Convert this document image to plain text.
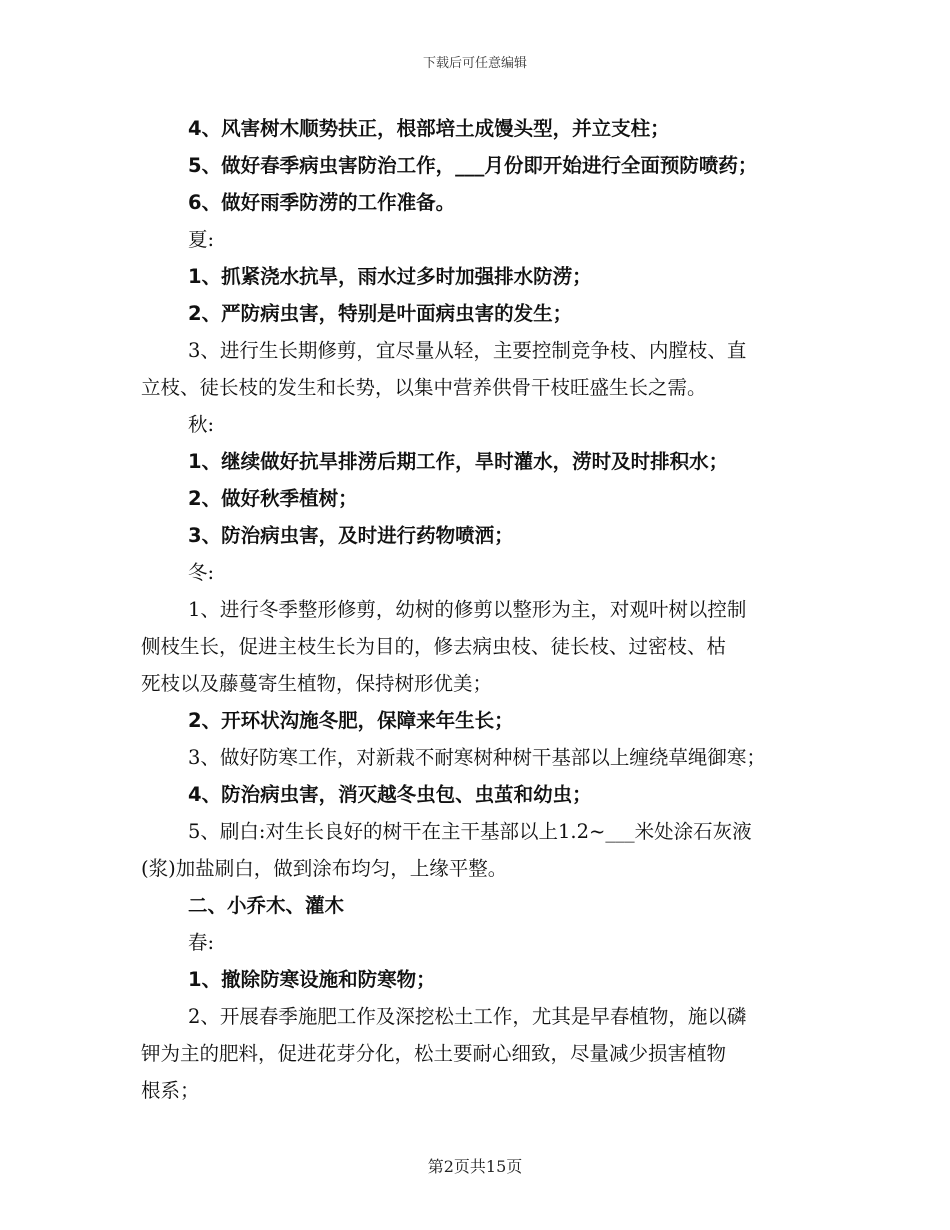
下载后可任意编辑
4、风害树木顺势扶正，根部培土成馒头型，并立支柱；
5、做好春季病虫害防治工作，___月份即开始进行全面预防喷药；
6、做好雨季防涝的工作准备。
夏:
1、抓紧浇水抗旱，雨水过多时加强排水防涝；
2、严防病虫害，特别是叶面病虫害的发生；
3、进行生长期修剪，宜尽量从轻，主要控制竞争枝、内膛枝、直
立枝、徒长枝的发生和长势，以集中营养供骨干枝旺盛生长之需。
秋:
1、继续做好抗旱排涝后期工作，旱时灌水，涝时及时排积水；
2、做好秋季植树；
3、防治病虫害，及时进行药物喷洒；
冬:
1、进行冬季整形修剪，幼树的修剪以整形为主，对观叶树以控制
侧枝生长，促进主枝生长为目的，修去病虫枝、徒长枝、过密枝、枯
死枝以及藤蔓寄生植物，保持树形优美；
2、开环状沟施冬肥，保障来年生长；
3、做好防寒工作，对新栽不耐寒树种树干基部以上缠绕草绳御寒；
4、防治病虫害，消灭越冬虫包、虫茧和幼虫；
5、刷白:对生长良好的树干在主干基部以上1.2~___米处涂石灰液
(浆)加盐刷白，做到涂布均匀，上缘平整。
二、小乔木、灌木
春:
1、撤除防寒设施和防寒物；
2、开展春季施肥工作及深挖松土工作，尤其是早春植物，施以磷
钾为主的肥料，促进花芽分化，松土要耐心细致，尽量减少损害植物
根系；
第2页共15页
